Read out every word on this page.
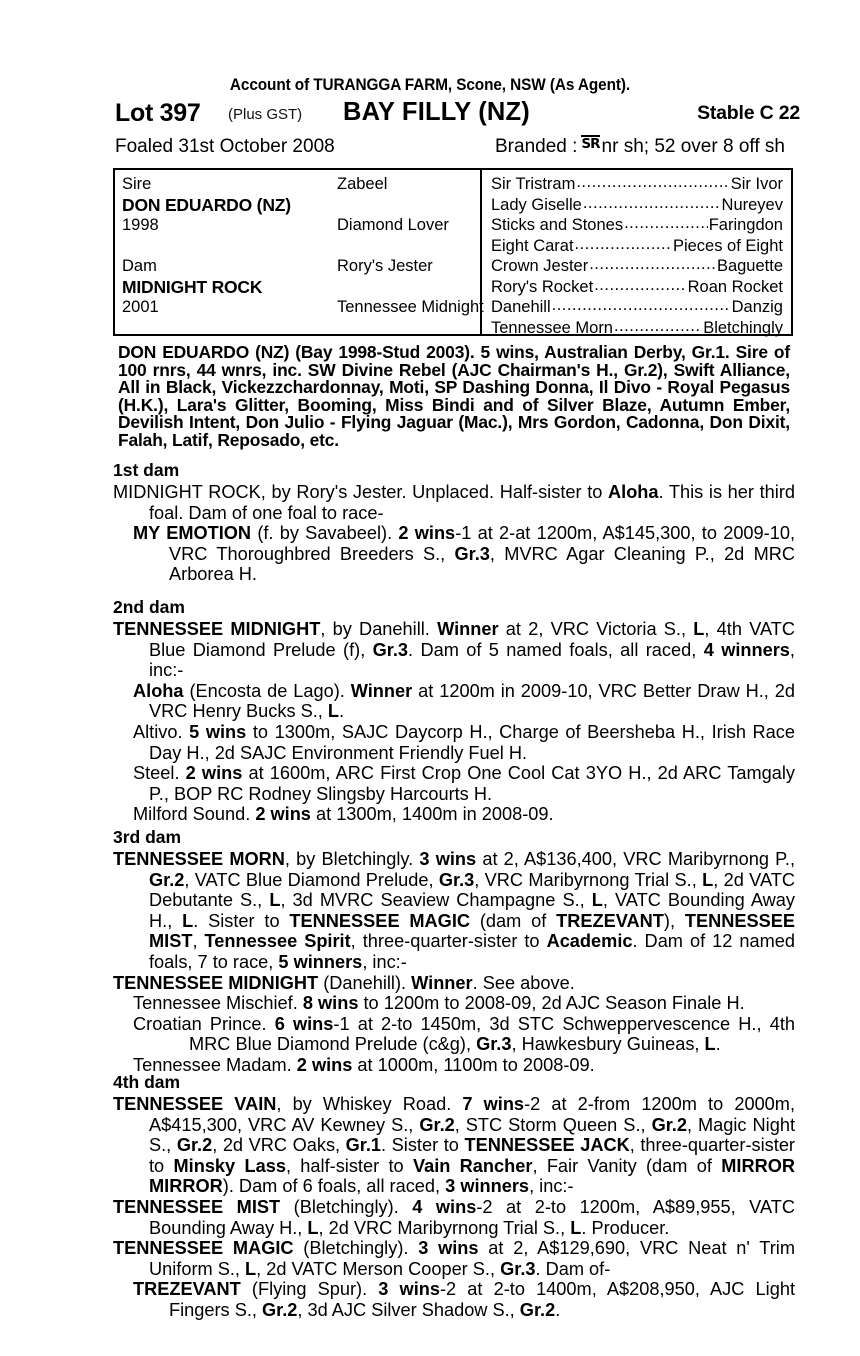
Account of TURANGGA FARM, Scone, NSW (As Agent).
Lot 397 (Plus GST) BAY FILLY (NZ)	Stable C 22
Foaled 31st October 2008	Branded : SR nr sh; 52 over 8 off sh
Sire	Zabeel
DON EDUARDO (NZ)
1998	Diamond Lover
Dam	Rory's Jester
MIDNIGHT ROCK
2001	Tennessee Midnight
Sir Tristram .....	Sir Ivor
Lady Giselle .....	Nureyev
Sticks and Stones .....	Faringdon
Eight Carat .....	Pieces of Eight
Crown Jester .....	Baguette
Rory's Rocket .....	Roan Rocket
Danehill .....	Danzig
Tennessee Morn .....	Bletchingly
DON EDUARDO (NZ) (Bay 1998-Stud 2003). 5 wins, Australian Derby, Gr.1. Sire of 100 rnrs, 44 wnrs, inc. SW Divine Rebel (AJC Chairman's H., Gr.2), Swift Alliance, All in Black, Vickezzchardonnay, Moti, SP Dashing Donna, Il Divo - Royal Pegasus (H.K.), Lara's Glitter, Booming, Miss Bindi and of Silver Blaze, Autumn Ember, Devilish Intent, Don Julio - Flying Jaguar (Mac.), Mrs Gordon, Cadonna, Don Dixit, Falah, Latif, Reposado, etc.
1st dam
MIDNIGHT ROCK, by Rory's Jester. Unplaced. Half-sister to Aloha. This is her third foal. Dam of one foal to race-
MY EMOTION (f. by Savabeel). 2 wins-1 at 2-at 1200m, A$145,300, to 2009-10, VRC Thoroughbred Breeders S., Gr.3, MVRC Agar Cleaning P., 2d MRC Arborea H.
2nd dam
TENNESSEE MIDNIGHT, by Danehill. Winner at 2, VRC Victoria S., L, 4th VATC Blue Diamond Prelude (f), Gr.3. Dam of 5 named foals, all raced, 4 winners, inc:-
Aloha (Encosta de Lago). Winner at 1200m in 2009-10, VRC Better Draw H., 2d VRC Henry Bucks S., L.
Altivo. 5 wins to 1300m, SAJC Daycorp H., Charge of Beersheba H., Irish Race Day H., 2d SAJC Environment Friendly Fuel H.
Steel. 2 wins at 1600m, ARC First Crop One Cool Cat 3YO H., 2d ARC Tamgaly P., BOP RC Rodney Slingsby Harcourts H.
Milford Sound. 2 wins at 1300m, 1400m in 2008-09.
3rd dam
TENNESSEE MORN, by Bletchingly. 3 wins at 2, A$136,400, VRC Maribyrnong P., Gr.2, VATC Blue Diamond Prelude, Gr.3, VRC Maribyrnong Trial S., L, 2d VATC Debutante S., L, 3d MVRC Seaview Champagne S., L, VATC Bounding Away H., L. Sister to TENNESSEE MAGIC (dam of TREZEVANT), TENNESSEE MIST, Tennessee Spirit, three-quarter-sister to Academic. Dam of 12 named foals, 7 to race, 5 winners, inc:-
TENNESSEE MIDNIGHT (Danehill). Winner. See above.
Tennessee Mischief. 8 wins to 1200m to 2008-09, 2d AJC Season Finale H.
Croatian Prince. 6 wins-1 at 2-to 1450m, 3d STC Schweppervescence H., 4th MRC Blue Diamond Prelude (c&g), Gr.3, Hawkesbury Guineas, L.
Tennessee Madam. 2 wins at 1000m, 1100m to 2008-09.
4th dam
TENNESSEE VAIN, by Whiskey Road. 7 wins-2 at 2-from 1200m to 2000m, A$415,300, VRC AV Kewney S., Gr.2, STC Storm Queen S., Gr.2, Magic Night S., Gr.2, 2d VRC Oaks, Gr.1. Sister to TENNESSEE JACK, three-quarter-sister to Minsky Lass, half-sister to Vain Rancher, Fair Vanity (dam of MIRROR MIRROR). Dam of 6 foals, all raced, 3 winners, inc:-
TENNESSEE MIST (Bletchingly). 4 wins-2 at 2-to 1200m, A$89,955, VATC Bounding Away H., L, 2d VRC Maribyrnong Trial S., L. Producer.
TENNESSEE MAGIC (Bletchingly). 3 wins at 2, A$129,690, VRC Neat n' Trim Uniform S., L, 2d VATC Merson Cooper S., Gr.3. Dam of-
TREZEVANT (Flying Spur). 3 wins-2 at 2-to 1400m, A$208,950, AJC Light Fingers S., Gr.2, 3d AJC Silver Shadow S., Gr.2.
